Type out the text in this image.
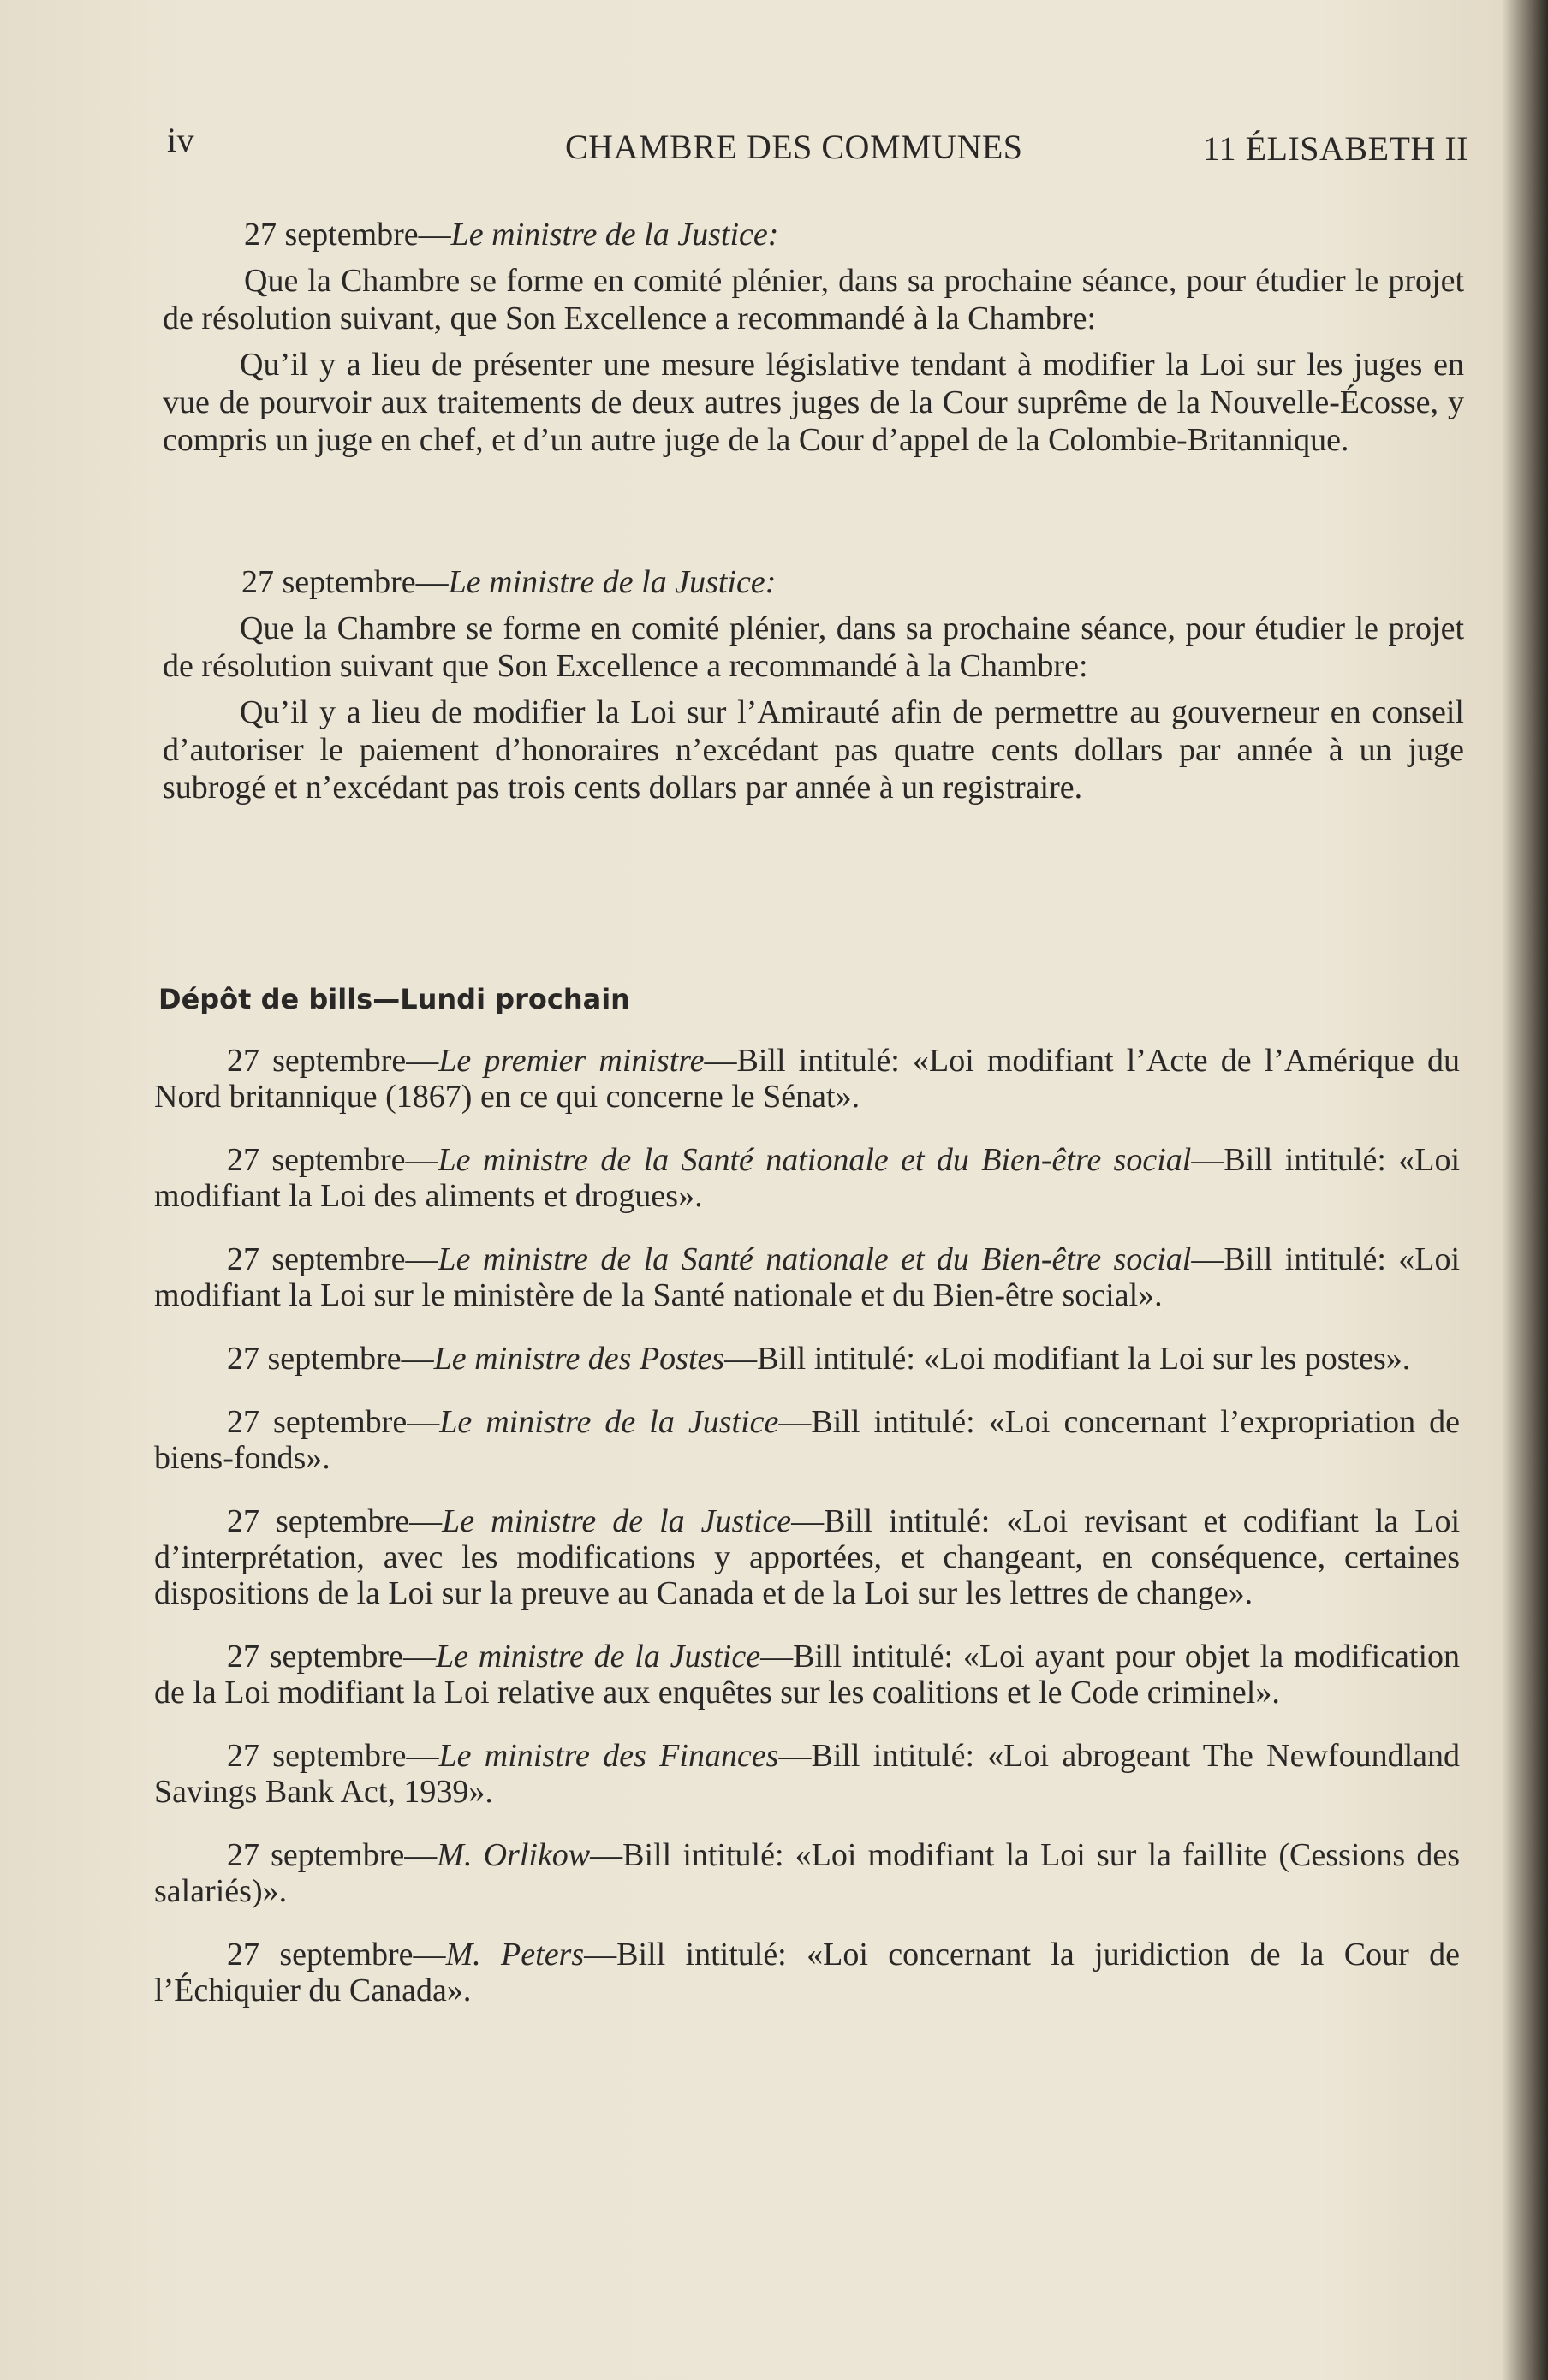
iv	CHAMBRE DES COMMUNES	11 ÉLISABETH II

27 septembre—Le ministre de la Justice:

Que la Chambre se forme en comité plénier, dans sa prochaine séance, pour étudier le projet de résolution suivant, que Son Excellence a recommandé à la Chambre:

Qu’il y a lieu de présenter une mesure législative tendant à modifier la Loi sur les juges en vue de pourvoir aux traitements de deux autres juges de la Cour suprême de la Nouvelle-Écosse, y compris un juge en chef, et d’un autre juge de la Cour d’appel de la Colombie-Britannique.

27 septembre—Le ministre de la Justice:

Que la Chambre se forme en comité plénier, dans sa prochaine séance, pour étudier le projet de résolution suivant que Son Excellence a recommandé à la Chambre:

Qu’il y a lieu de modifier la Loi sur l’Amirauté afin de permettre au gouverneur en conseil d’autoriser le paiement d’honoraires n’excédant pas quatre cents dollars par année à un juge subrogé et n’excédant pas trois cents dollars par année à un registraire.

Dépôt de bills—Lundi prochain

27 septembre—Le premier ministre—Bill intitulé: «Loi modifiant l’Acte de l’Amérique du Nord britannique (1867) en ce qui concerne le Sénat».

27 septembre—Le ministre de la Santé nationale et du Bien-être social—Bill intitulé: «Loi modifiant la Loi des aliments et drogues».

27 septembre—Le ministre de la Santé nationale et du Bien-être social—Bill intitulé: «Loi modifiant la Loi sur le ministère de la Santé nationale et du Bien-être social».

27 septembre—Le ministre des Postes—Bill intitulé: «Loi modifiant la Loi sur les postes».

27 septembre—Le ministre de la Justice—Bill intitulé: «Loi concernant l’expropriation de biens-fonds».

27 septembre—Le ministre de la Justice—Bill intitulé: «Loi revisant et codifiant la Loi d’interprétation, avec les modifications y apportées, et changeant, en conséquence, certaines dispositions de la Loi sur la preuve au Canada et de la Loi sur les lettres de change».

27 septembre—Le ministre de la Justice—Bill intitulé: «Loi ayant pour objet la modification de la Loi modifiant la Loi relative aux enquêtes sur les coalitions et le Code criminel».

27 septembre—Le ministre des Finances—Bill intitulé: «Loi abrogeant The Newfoundland Savings Bank Act, 1939».

27 septembre—M. Orlikow—Bill intitulé: «Loi modifiant la Loi sur la faillite (Cessions des salariés)».

27 septembre—M. Peters—Bill intitulé: «Loi concernant la juridiction de la Cour de l’Échiquier du Canada».
